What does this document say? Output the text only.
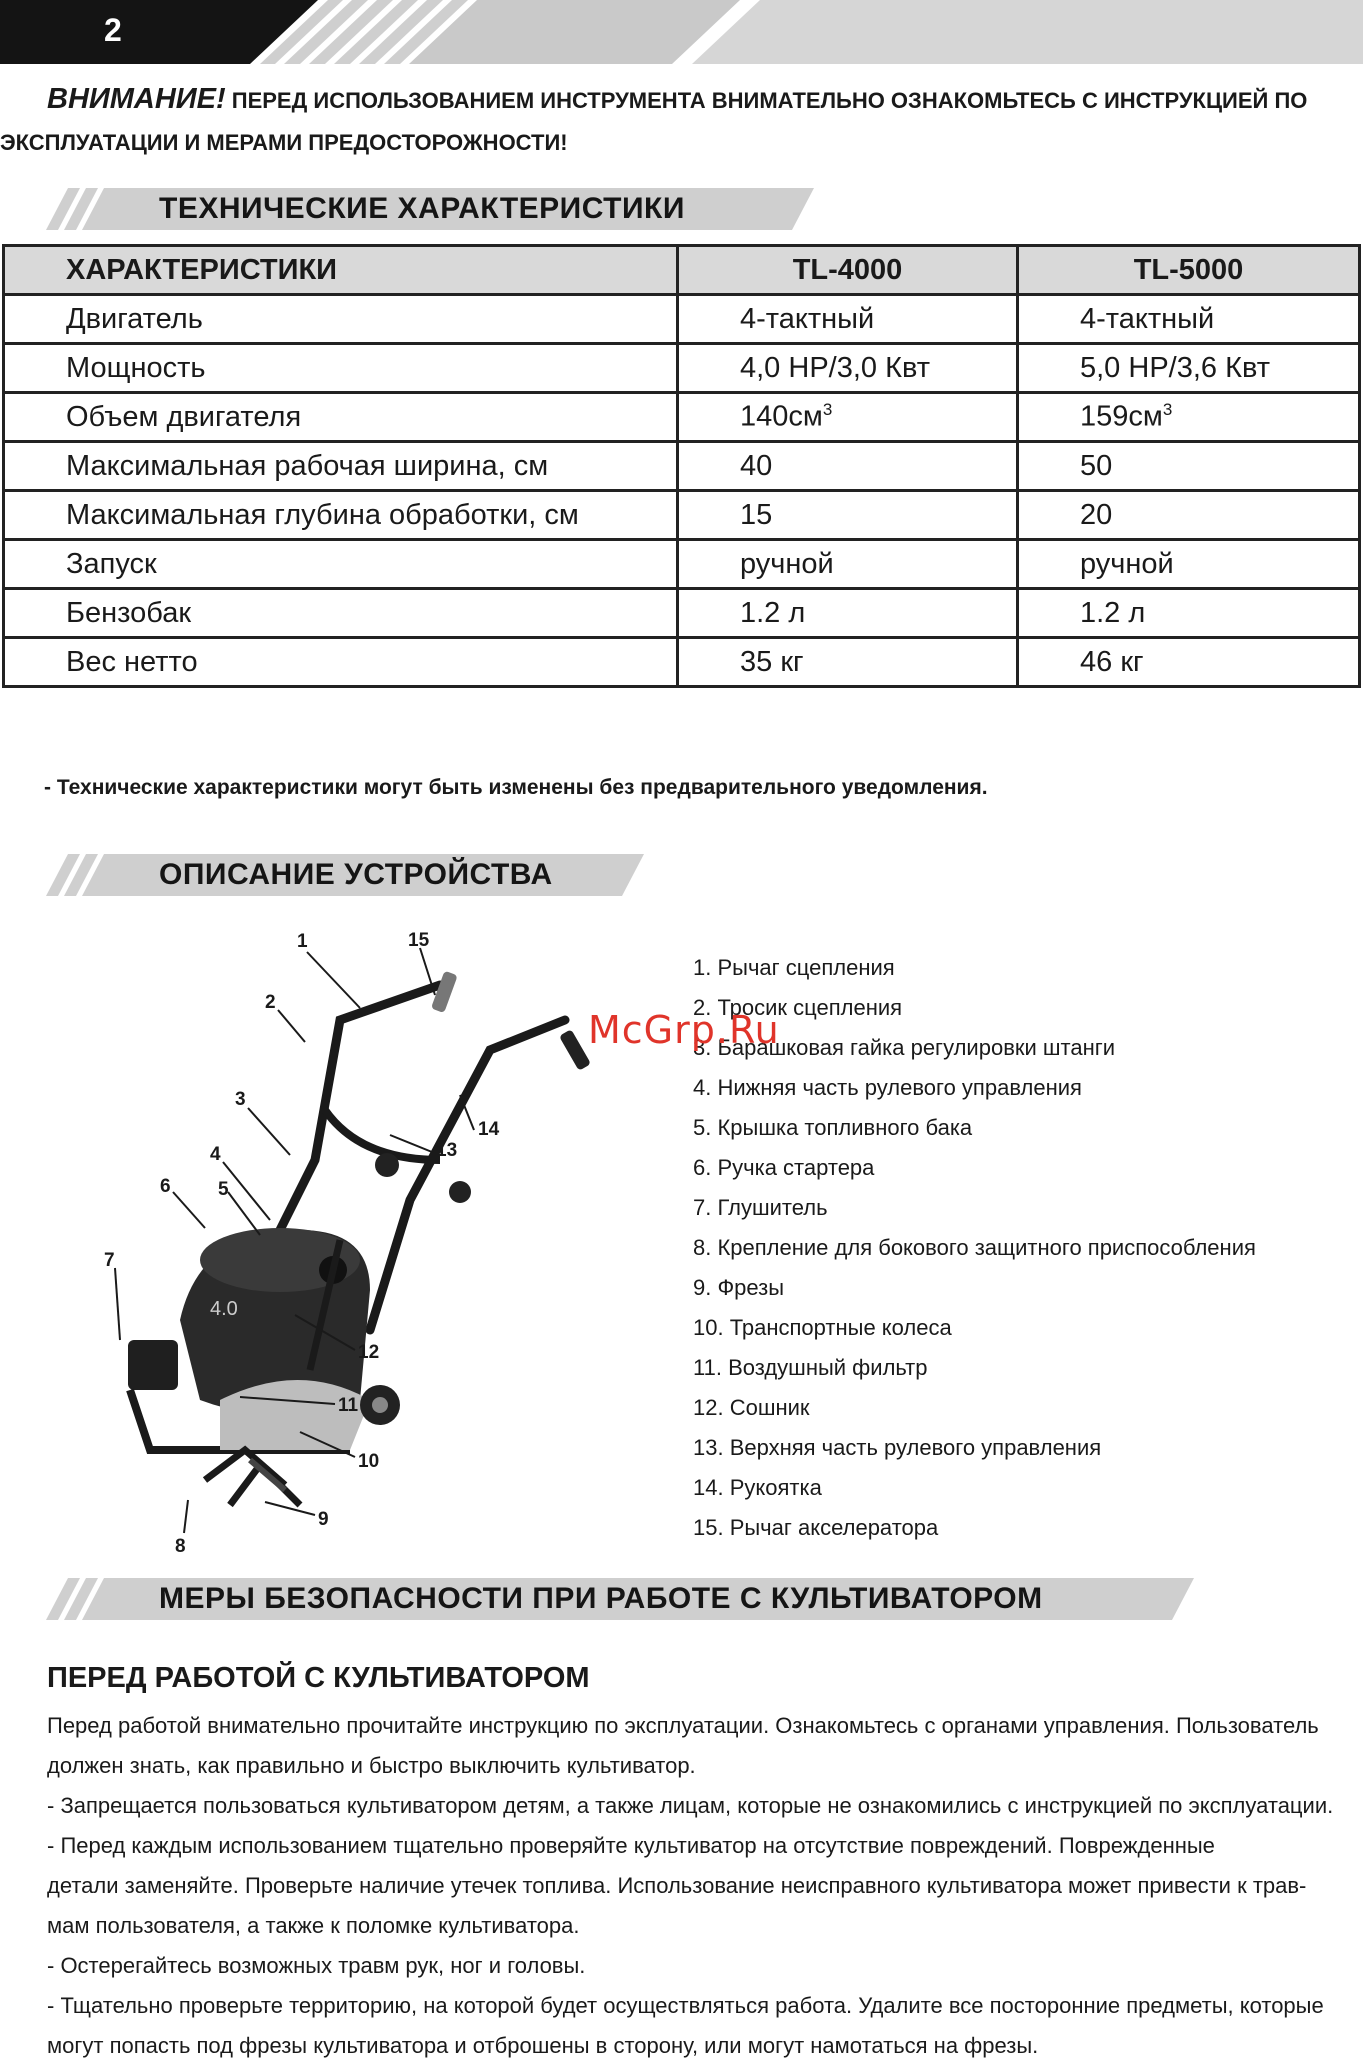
2
ВНИМАНИЕ! ПЕРЕД ИСПОЛЬЗОВАНИЕМ ИНСТРУМЕНТА ВНИМАТЕЛЬНО ОЗНАКОМЬТЕСЬ С ИНСТРУКЦИЕЙ ПО
ЭКСПЛУАТАЦИИ И МЕРАМИ ПРЕДОСТОРОЖНОСТИ!
ТЕХНИЧЕСКИЕ ХАРАКТЕРИСТИКИ
ХАРАКТЕРИСТИКИ	TL-4000	TL-5000
Двигатель	4-тактный	4-тактный
Мощность	4,0 HP/3,0 Квт	5,0 HP/3,6 Квт
Объем двигателя	$140см^3$	$159см^3$
Максимальная рабочая ширина, см	40	50
Максимальная глубина обработки, см	15	20
Запуск	ручной	ручной
Бензобак	1.2 л	1.2 л
Вес нетто	35 кг	46 кг
- Технические характеристики могут быть изменены без предварительного уведомления.
ОПИСАНИЕ УСТРОЙСТВА
4.0
1
2
3
4
5
6
7
8
9
10
11
12
13
14
15
1. Рычаг сцепления
2. Тросик сцепления
3. Барашковая гайка регулировки штанги
4. Нижняя часть рулевого управления
5. Крышка топливного бака
6. Ручка стартера
7. Глушитель
8. Крепление для бокового защитного приспособления
9. Фрезы
10. Транспортные колеса
11. Воздушный фильтр
12. Сошник
13. Верхняя часть рулевого управления
14. Рукоятка
15. Рычаг акселератора
McGrp.Ru
МЕРЫ БЕЗОПАСНОСТИ ПРИ РАБОТЕ С КУЛЬТИВАТОРОМ
ПЕРЕД РАБОТОЙ С КУЛЬТИВАТОРОМ

Перед работой внимательно прочитайте инструкцию по эксплуатации. Ознакомьтесь с органами управления. Пользователь

должен знать, как правильно и быстро выключить культиватор.

- Запрещается пользоваться культиватором детям, а также лицам, которые не ознакомились с инструкцией по эксплуатации.

- Перед каждым использованием тщательно проверяйте культиватор на отсутствие повреждений. Поврежденные

детали заменяйте. Проверьте наличие утечек топлива. Использование неисправного культиватора может привести к трав-

мам пользователя, а также к поломке культиватора.

- Остерегайтесь возможных травм рук, ног и головы.

- Тщательно проверьте территорию, на которой будет осуществляться работа. Удалите все посторонние предметы, которые

могут попасть под фрезы культиватора и отброшены в сторону, или могут намотаться на фрезы.
